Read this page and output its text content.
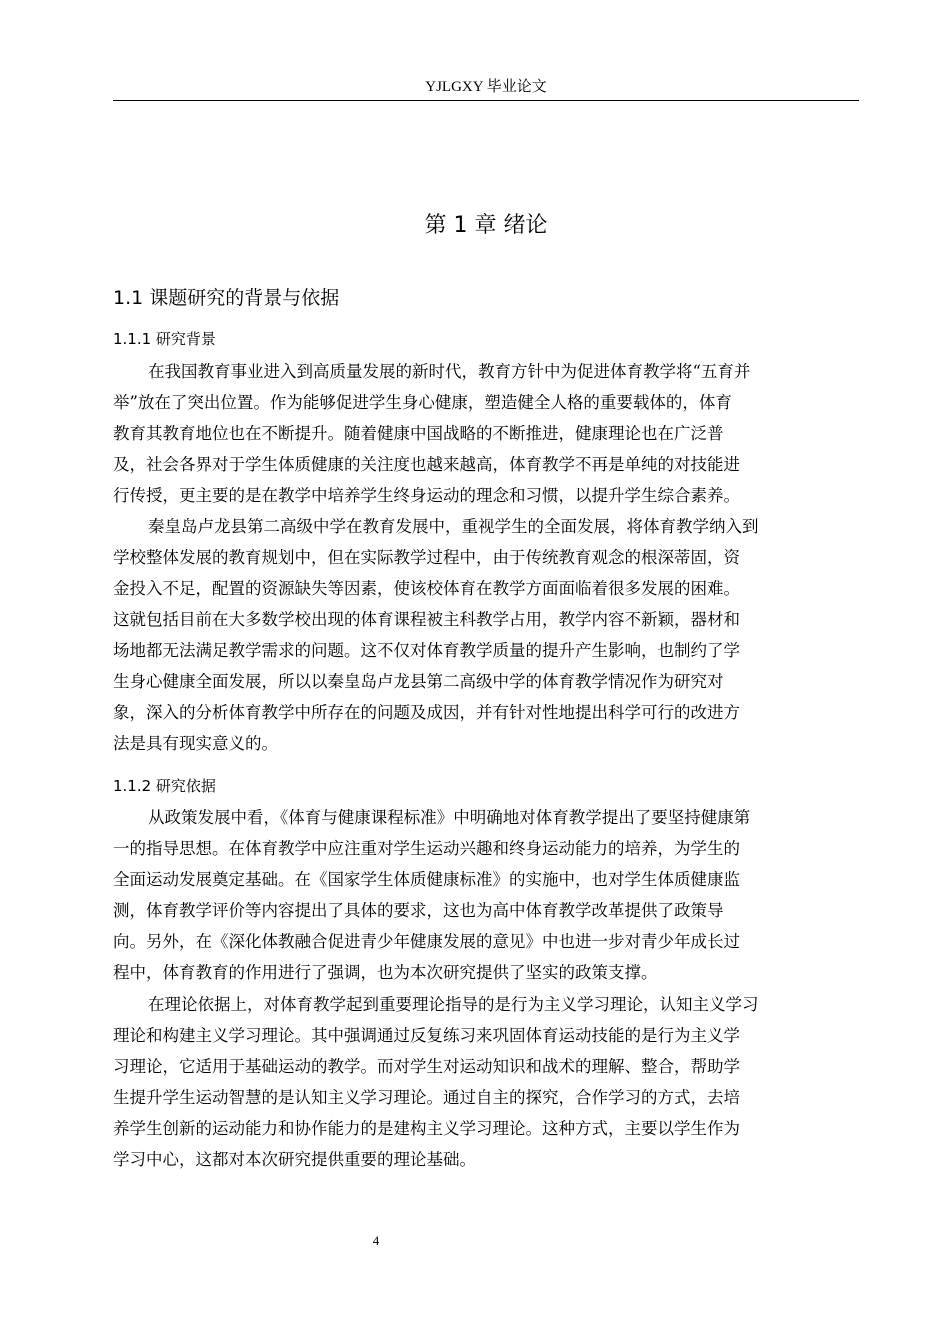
YJLGXY 毕业论文
第 1 章 绪论
1.1 课题研究的背景与依据
1.1.1 研究背景
在我国教育事业进入到高质量发展的新时代，教育方针中为促进体育教学将“五育并
举”放在了突出位置。作为能够促进学生身心健康，塑造健全人格的重要载体的，体育
教育其教育地位也在不断提升。随着健康中国战略的不断推进，健康理论也在广泛普
及，社会各界对于学生体质健康的关注度也越来越高，体育教学不再是单纯的对技能进
行传授，更主要的是在教学中培养学生终身运动的理念和习惯，以提升学生综合素养。
秦皇岛卢龙县第二高级中学在教育发展中，重视学生的全面发展，将体育教学纳入到
学校整体发展的教育规划中，但在实际教学过程中，由于传统教育观念的根深蒂固，资
金投入不足，配置的资源缺失等因素，使该校体育在教学方面面临着很多发展的困难。
这就包括目前在大多数学校出现的体育课程被主科教学占用，教学内容不新颖，器材和
场地都无法满足教学需求的问题。这不仅对体育教学质量的提升产生影响，也制约了学
生身心健康全面发展，所以以秦皇岛卢龙县第二高级中学的体育教学情况作为研究对
象，深入的分析体育教学中所存在的问题及成因，并有针对性地提出科学可行的改进方
法是具有现实意义的。
1.1.2 研究依据
从政策发展中看，《体育与健康课程标准》中明确地对体育教学提出了要坚持健康第
一的指导思想。在体育教学中应注重对学生运动兴趣和终身运动能力的培养，为学生的
全面运动发展奠定基础。在《国家学生体质健康标准》的实施中，也对学生体质健康监
测，体育教学评价等内容提出了具体的要求，这也为高中体育教学改革提供了政策导
向。另外，在《深化体教融合促进青少年健康发展的意见》中也进一步对青少年成长过
程中，体育教育的作用进行了强调，也为本次研究提供了坚实的政策支撑。
在理论依据上，对体育教学起到重要理论指导的是行为主义学习理论，认知主义学习
理论和构建主义学习理论。其中强调通过反复练习来巩固体育运动技能的是行为主义学
习理论，它适用于基础运动的教学。而对学生对运动知识和战术的理解、整合，帮助学
生提升学生运动智慧的是认知主义学习理论。通过自主的探究，合作学习的方式，去培
养学生创新的运动能力和协作能力的是建构主义学习理论。这种方式，主要以学生作为
学习中心，这都对本次研究提供重要的理论基础。
4
